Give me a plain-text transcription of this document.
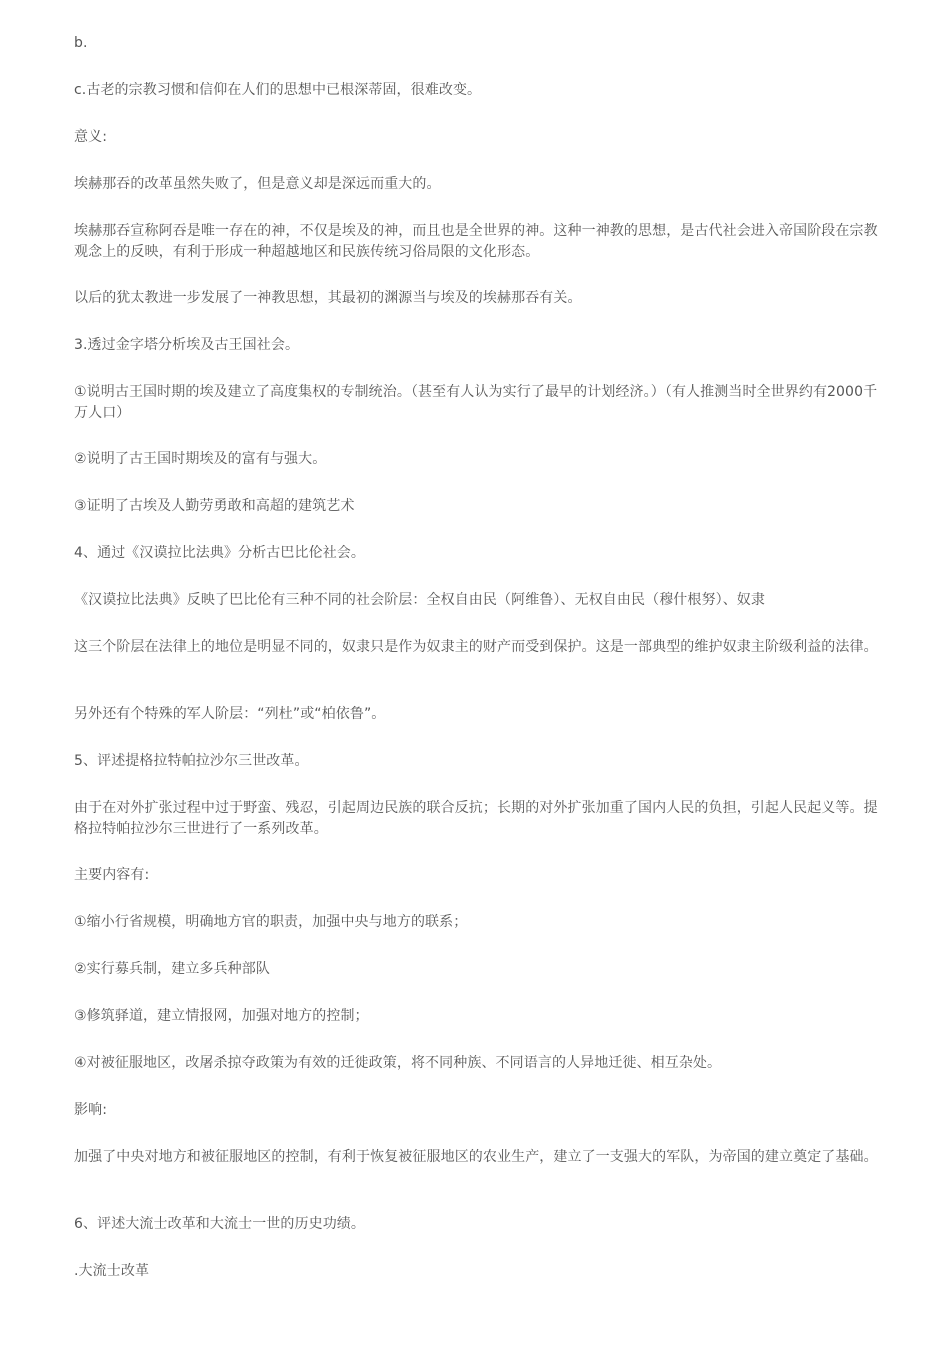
b.

c.古老的宗教习惯和信仰在人们的思想中已根深蒂固，很难改变。

意义:

埃赫那吞的改革虽然失败了，但是意义却是深远而重大的。

埃赫那吞宣称阿吞是唯一存在的神，不仅是埃及的神，而且也是全世界的神。这种一神教的思想，是古代社会进入帝国阶段在宗教观念上的反映，有利于形成一种超越地区和民族传统习俗局限的文化形态。

以后的犹太教进一步发展了一神教思想，其最初的渊源当与埃及的埃赫那吞有关。

3.透过金字塔分析埃及古王国社会。

①说明古王国时期的埃及建立了高度集权的专制统治。（甚至有人认为实行了最早的计划经济。）（有人推测当时全世界约有2000千万人口）

②说明了古王国时期埃及的富有与强大。

③证明了古埃及人勤劳勇敢和高超的建筑艺术

4、通过《汉谟拉比法典》分析古巴比伦社会。

《汉谟拉比法典》反映了巴比伦有三种不同的社会阶层：全权自由民（阿维鲁）、无权自由民（穆什根努）、奴隶

这三个阶层在法律上的地位是明显不同的，奴隶只是作为奴隶主的财产而受到保护。这是一部典型的维护奴隶主阶级利益的法律。

另外还有个特殊的军人阶层：“列杜”或“柏依鲁”。

5、评述提格拉特帕拉沙尔三世改革。

由于在对外扩张过程中过于野蛮、残忍，引起周边民族的联合反抗；长期的对外扩张加重了国内人民的负担，引起人民起义等。提格拉特帕拉沙尔三世进行了一系列改革。

主要内容有:

①缩小行省规模，明确地方官的职责，加强中央与地方的联系；

②实行募兵制，建立多兵种部队

③修筑驿道，建立情报网，加强对地方的控制；

④对被征服地区，改屠杀掠夺政策为有效的迁徙政策，将不同种族、不同语言的人异地迁徙、相互杂处。

影响:

加强了中央对地方和被征服地区的控制，有利于恢复被征服地区的农业生产，建立了一支强大的军队，为帝国的建立奠定了基础。

6、评述大流士改革和大流士一世的历史功绩。

.大流士改革
